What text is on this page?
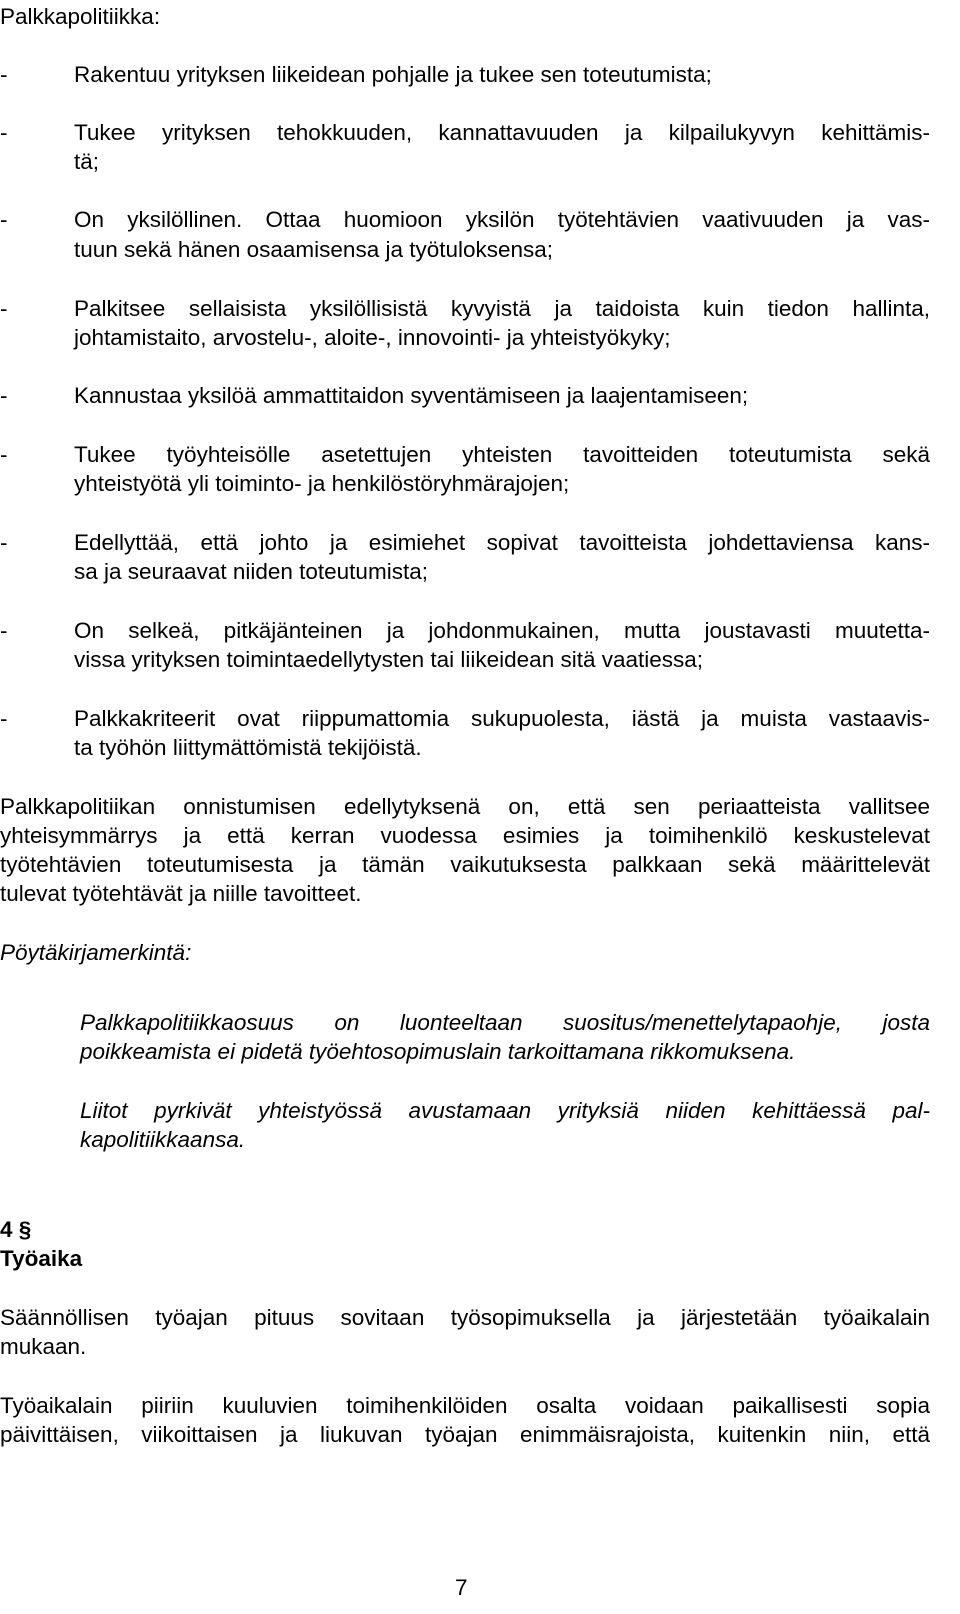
Palkkapolitiikka:
-	Rakentuu yrityksen liikeidean pohjalle ja tukee sen toteutumista;
-	Tukee yrityksen tehokkuuden, kannattavuuden ja kilpailukyvyn kehittämis-
tä;
-	On yksilöllinen. Ottaa huomioon yksilön työtehtävien vaativuuden ja vas-
tuun sekä hänen osaamisensa ja työtuloksensa;
-	Palkitsee sellaisista yksilöllisistä kyvyistä ja taidoista kuin tiedon hallinta,
johtamistaito, arvostelu-, aloite-, innovointi- ja yhteistyökyky;
-	Kannustaa yksilöä ammattitaidon syventämiseen ja laajentamiseen;
-	Tukee työyhteisölle asetettujen yhteisten tavoitteiden toteutumista sekä
yhteistyötä yli toiminto- ja henkilöstöryhmärajojen;
-	Edellyttää, että johto ja esimiehet sopivat tavoitteista johdettaviensa kans-
sa ja seuraavat niiden toteutumista;
-	On selkeä, pitkäjänteinen ja johdonmukainen, mutta joustavasti muutetta-
vissa yrityksen toimintaedellytysten tai liikeidean sitä vaatiessa;
-	Palkkakriteerit ovat riippumattomia sukupuolesta, iästä ja muista vastaavis-
ta työhön liittymättömistä tekijöistä.
Palkkapolitiikan onnistumisen edellytyksenä on, että sen periaatteista vallitsee
yhteisymmärrys ja että kerran vuodessa esimies ja toimihenkilö keskustelevat
työtehtävien toteutumisesta ja tämän vaikutuksesta palkkaan sekä määrittelevät
tulevat työtehtävät ja niille tavoitteet.
Pöytäkirjamerkintä:
Palkkapolitiikkaosuus on luonteeltaan suositus/menettelytapaohje, josta
poikkeamista ei pidetä työehtosopimuslain tarkoittamana rikkomuksena.
Liitot pyrkivät yhteistyössä avustamaan yrityksiä niiden kehittäessä pal-
kapolitiikkaansa.
4 §
Työaika
Säännöllisen työajan pituus sovitaan työsopimuksella ja järjestetään työaikalain
mukaan.
Työaikalain piiriin kuuluvien toimihenkilöiden osalta voidaan paikallisesti sopia
päivittäisen, viikoittaisen ja liukuvan työajan enimmäisrajoista, kuitenkin niin, että
7
